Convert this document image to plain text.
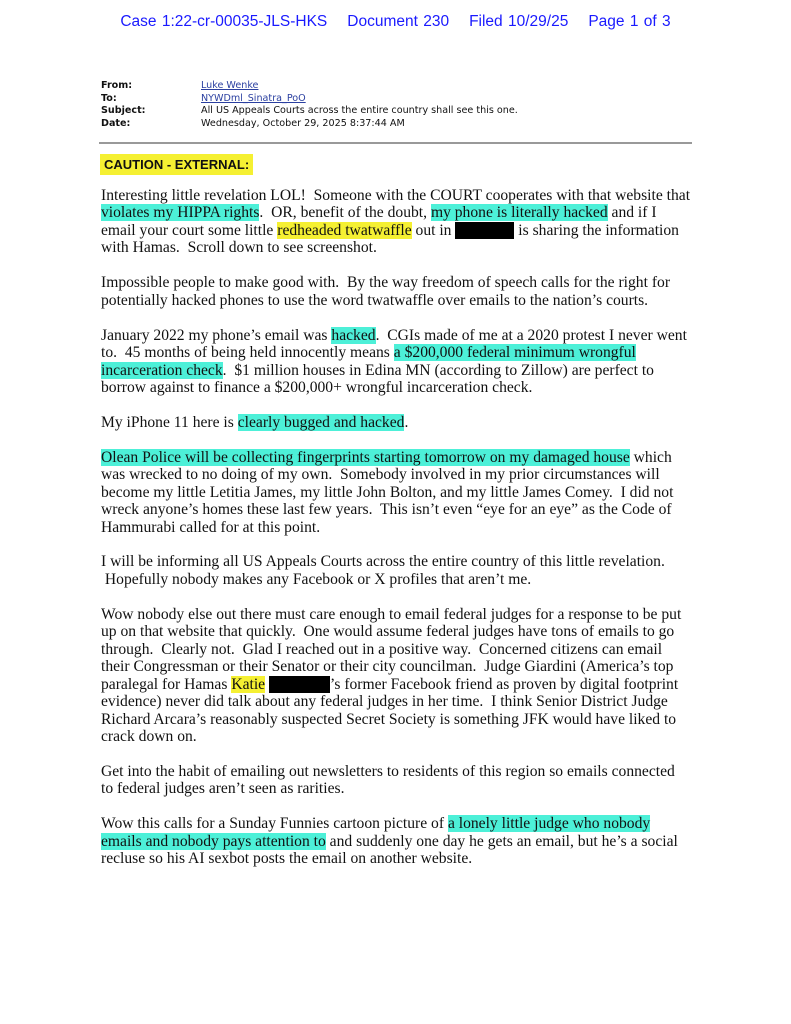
Case 1:22-cr-00035-JLS-HKS Document 230 Filed 10/29/25 Page 1 of 3
From:	Luke Wenke
To:	NYWDml_Sinatra_PoO
Subject:	All US Appeals Courts across the entire country shall see this one.
Date:	Wednesday, October 29, 2025 8:37:44 AM
CAUTION - EXTERNAL:
Interesting little revelation LOL!  Someone with the COURT cooperates with that website that
violates my HIPPA rights.  OR, benefit of the doubt, my phone is literally hacked and if I
email your court some little redheaded twatwaffle out in	is sharing the information
with Hamas.  Scroll down to see screenshot.
Impossible people to make good with.  By the way freedom of speech calls for the right for
potentially hacked phones to use the word twatwaffle over emails to the nation’s courts.
January 2022 my phone’s email was hacked.  CGIs made of me at a 2020 protest I never went
to.  45 months of being held innocently means a $200,000 federal minimum wrongful
incarceration check.  $1 million houses in Edina MN (according to Zillow) are perfect to
borrow against to finance a $200,000+ wrongful incarceration check.
My iPhone 11 here is clearly bugged and hacked.
Olean Police will be collecting fingerprints starting tomorrow on my damaged house which
was wrecked to no doing of my own.  Somebody involved in my prior circumstances will
become my little Letitia James, my little John Bolton, and my little James Comey.  I did not
wreck anyone’s homes these last few years.  This isn’t even “eye for an eye” as the Code of
Hammurabi called for at this point.
I will be informing all US Appeals Courts across the entire country of this little revelation.
Hopefully nobody makes any Facebook or X profiles that aren’t me.
Wow nobody else out there must care enough to email federal judges for a response to be put
up on that website that quickly.  One would assume federal judges have tons of emails to go
through.  Clearly not.  Glad I reached out in a positive way.  Concerned citizens can email
their Congressman or their Senator or their city councilman.  Judge Giardini (America’s top
paralegal for Hamas Katie	’s former Facebook friend as proven by digital footprint
evidence) never did talk about any federal judges in her time.  I think Senior District Judge
Richard Arcara’s reasonably suspected Secret Society is something JFK would have liked to
crack down on.
Get into the habit of emailing out newsletters to residents of this region so emails connected
to federal judges aren’t seen as rarities.
Wow this calls for a Sunday Funnies cartoon picture of a lonely little judge who nobody
emails and nobody pays attention to and suddenly one day he gets an email, but he’s a social
recluse so his AI sexbot posts the email on another website.
